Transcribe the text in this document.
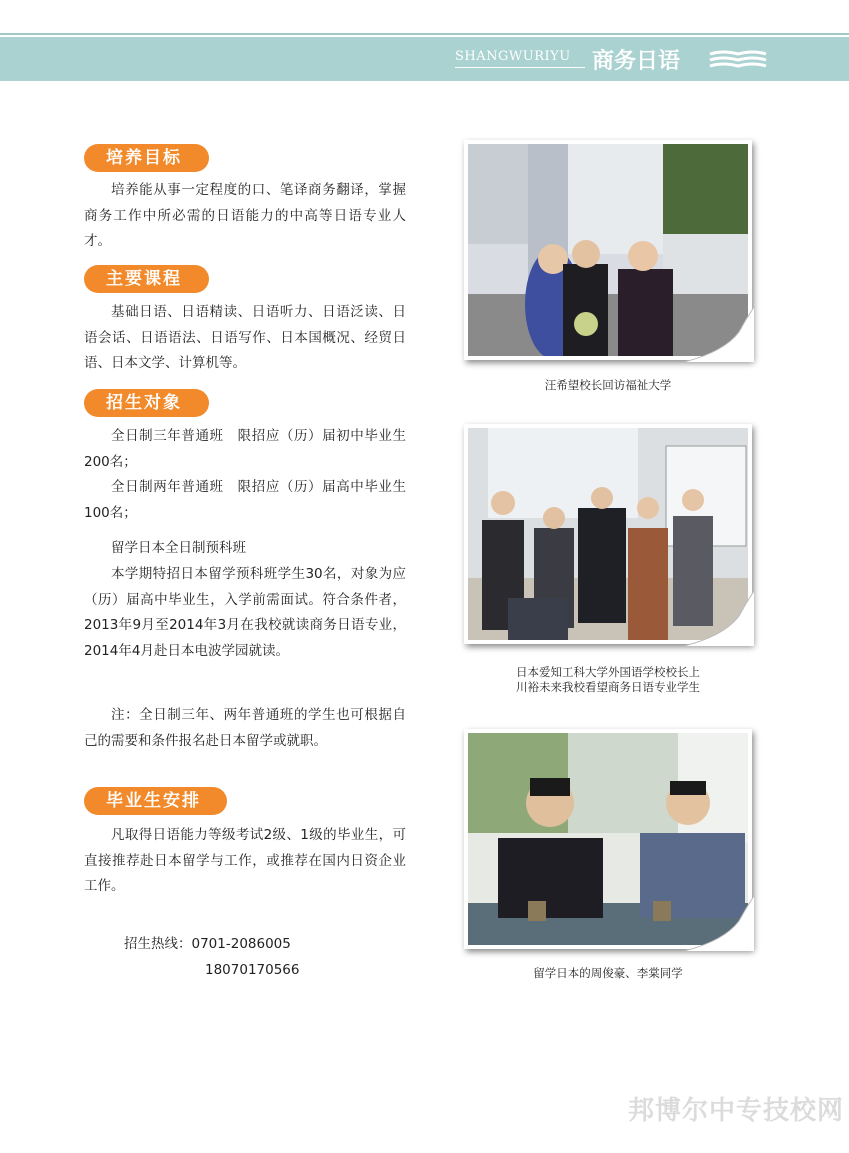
SHANGWURIYU 商务日语
培养目标
培养能从事一定程度的口、笔译商务翻译，掌握商务工作中所必需的日语能力的中高等日语专业人才。
主要课程
基础日语、日语精读、日语听力、日语泛读、日语会话、日语语法、日语写作、日本国概况、经贸日语、日本文学、计算机等。
招生对象
全日制三年普通班　限招应（历）届初中毕业生200名；
全日制两年普通班　限招应（历）届高中毕业生100名；
留学日本全日制预科班
本学期特招日本留学预科班学生30名，对象为应（历）届高中毕业生，入学前需面试。符合条件者，2013年9月至2014年3月在我校就读商务日语专业，2014年4月赴日本电波学园就读。
注：全日制三年、两年普通班的学生也可根据自己的需要和条件报名赴日本留学或就职。
毕业生安排
凡取得日语能力等级考试2级、1级的毕业生，可直接推荐赴日本留学与工作，或推荐在国内日资企业工作。
招生热线：0701-2086005
18070170566
汪希望校长回访福祉大学
日本爱知工科大学外国语学校校长上
川裕未来我校看望商务日语专业学生
留学日本的周俊豪、李棠同学
邦博尔中专技校网
